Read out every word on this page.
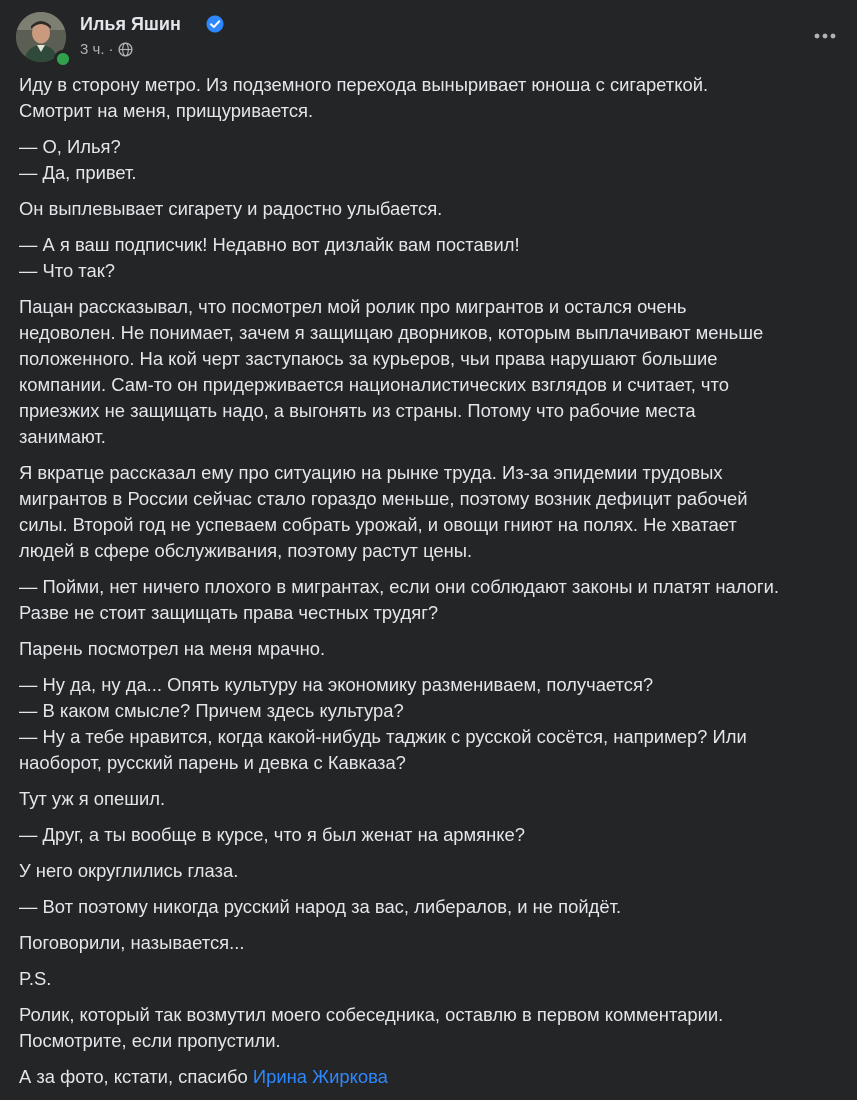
Илья Яшин
3 ч. ·

Иду в сторону метро. Из подземного перехода выныривает юноша с сигареткой.
Смотрит на меня, прищуривается.

— О, Илья?
— Да, привет.

Он выплевывает сигарету и радостно улыбается.

— А я ваш подписчик! Недавно вот дизлайк вам поставил!
— Что так?

Пацан рассказывал, что посмотрел мой ролик про мигрантов и остался очень
недоволен. Не понимает, зачем я защищаю дворников, которым выплачивают меньше
положенного. На кой черт заступаюсь за курьеров, чьи права нарушают большие
компании. Сам-то он придерживается националистических взглядов и считает, что
приезжих не защищать надо, а выгонять из страны. Потому что рабочие места
занимают.

Я вкратце рассказал ему про ситуацию на рынке труда. Из-за эпидемии трудовых
мигрантов в России сейчас стало гораздо меньше, поэтому возник дефицит рабочей
силы. Второй год не успеваем собрать урожай, и овощи гниют на полях. Не хватает
людей в сфере обслуживания, поэтому растут цены.

— Пойми, нет ничего плохого в мигрантах, если они соблюдают законы и платят налоги.
Разве не стоит защищать права честных трудяг?

Парень посмотрел на меня мрачно.

— Ну да, ну да... Опять культуру на экономику размениваем, получается?
— В каком смысле? Причем здесь культура?
— Ну а тебе нравится, когда какой-нибудь таджик с русской сосётся, например? Или
наоборот, русский парень и девка с Кавказа?

Тут уж я опешил.

— Друг, а ты вообще в курсе, что я был женат на армянке?

У него округлились глаза.

— Вот поэтому никогда русский народ за вас, либералов, и не пойдёт.

Поговорили, называется...

P.S.

Ролик, который так возмутил моего собеседника, оставлю в первом комментарии.
Посмотрите, если пропустили.

А за фото, кстати, спасибо Ирина Жиркова
